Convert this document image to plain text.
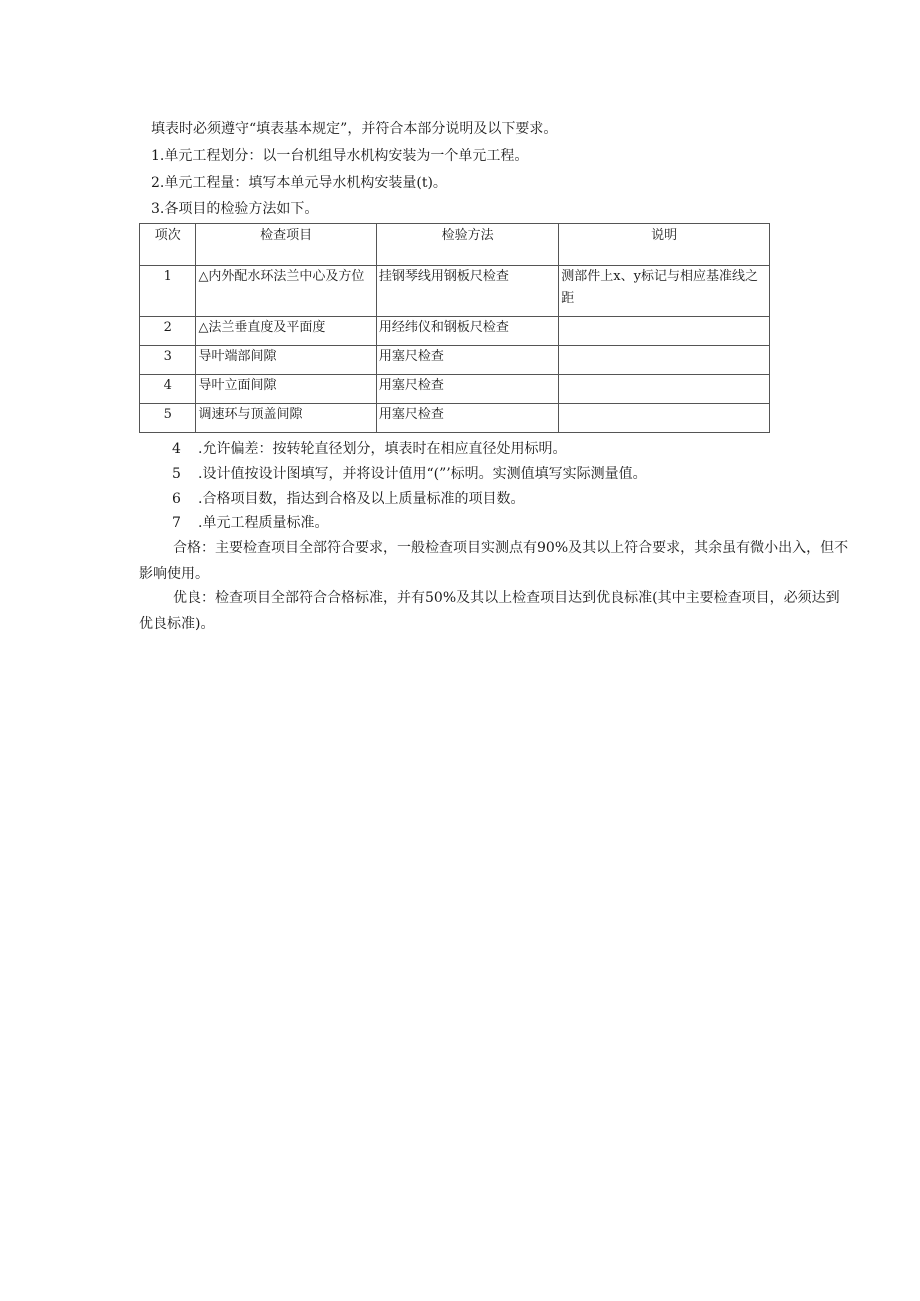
填表时必须遵守“填表基本规定”，并符合本部分说明及以下要求。
1.单元工程划分：以一台机组导水机构安装为一个单元工程。
2.单元工程量：填写本单元导水机构安装量(t)。
3.各项目的检验方法如下。
项次	检查项目	检验方法	说明
1	△内外配水环法兰中心及方位	挂钢琴线用钢板尺检查	测部件上x、y标记与相应基准线之距
2	△法兰垂直度及平面度	用经纬仪和钢板尺检查	
3	导叶端部间隙	用塞尺检查	
4	导叶立面间隙	用塞尺检查	
5	调速环与顶盖间隙	用塞尺检查	
4 .允许偏差：按转轮直径划分，填表时在相应直径处用标明。
5 .设计值按设计图填写，并将设计值用“(”’标明。实测值填写实际测量值。
6 .合格项目数，指达到合格及以上质量标准的项目数。
7 .单元工程质量标准。
合格：主要检查项目全部符合要求，一般检查项目实测点有90%及其以上符合要求，其余虽有微小出入，但不影响使用。
优良：检查项目全部符合合格标准，并有50%及其以上检查项目达到优良标准(其中主要检查项目，必须达到优良标准)。
